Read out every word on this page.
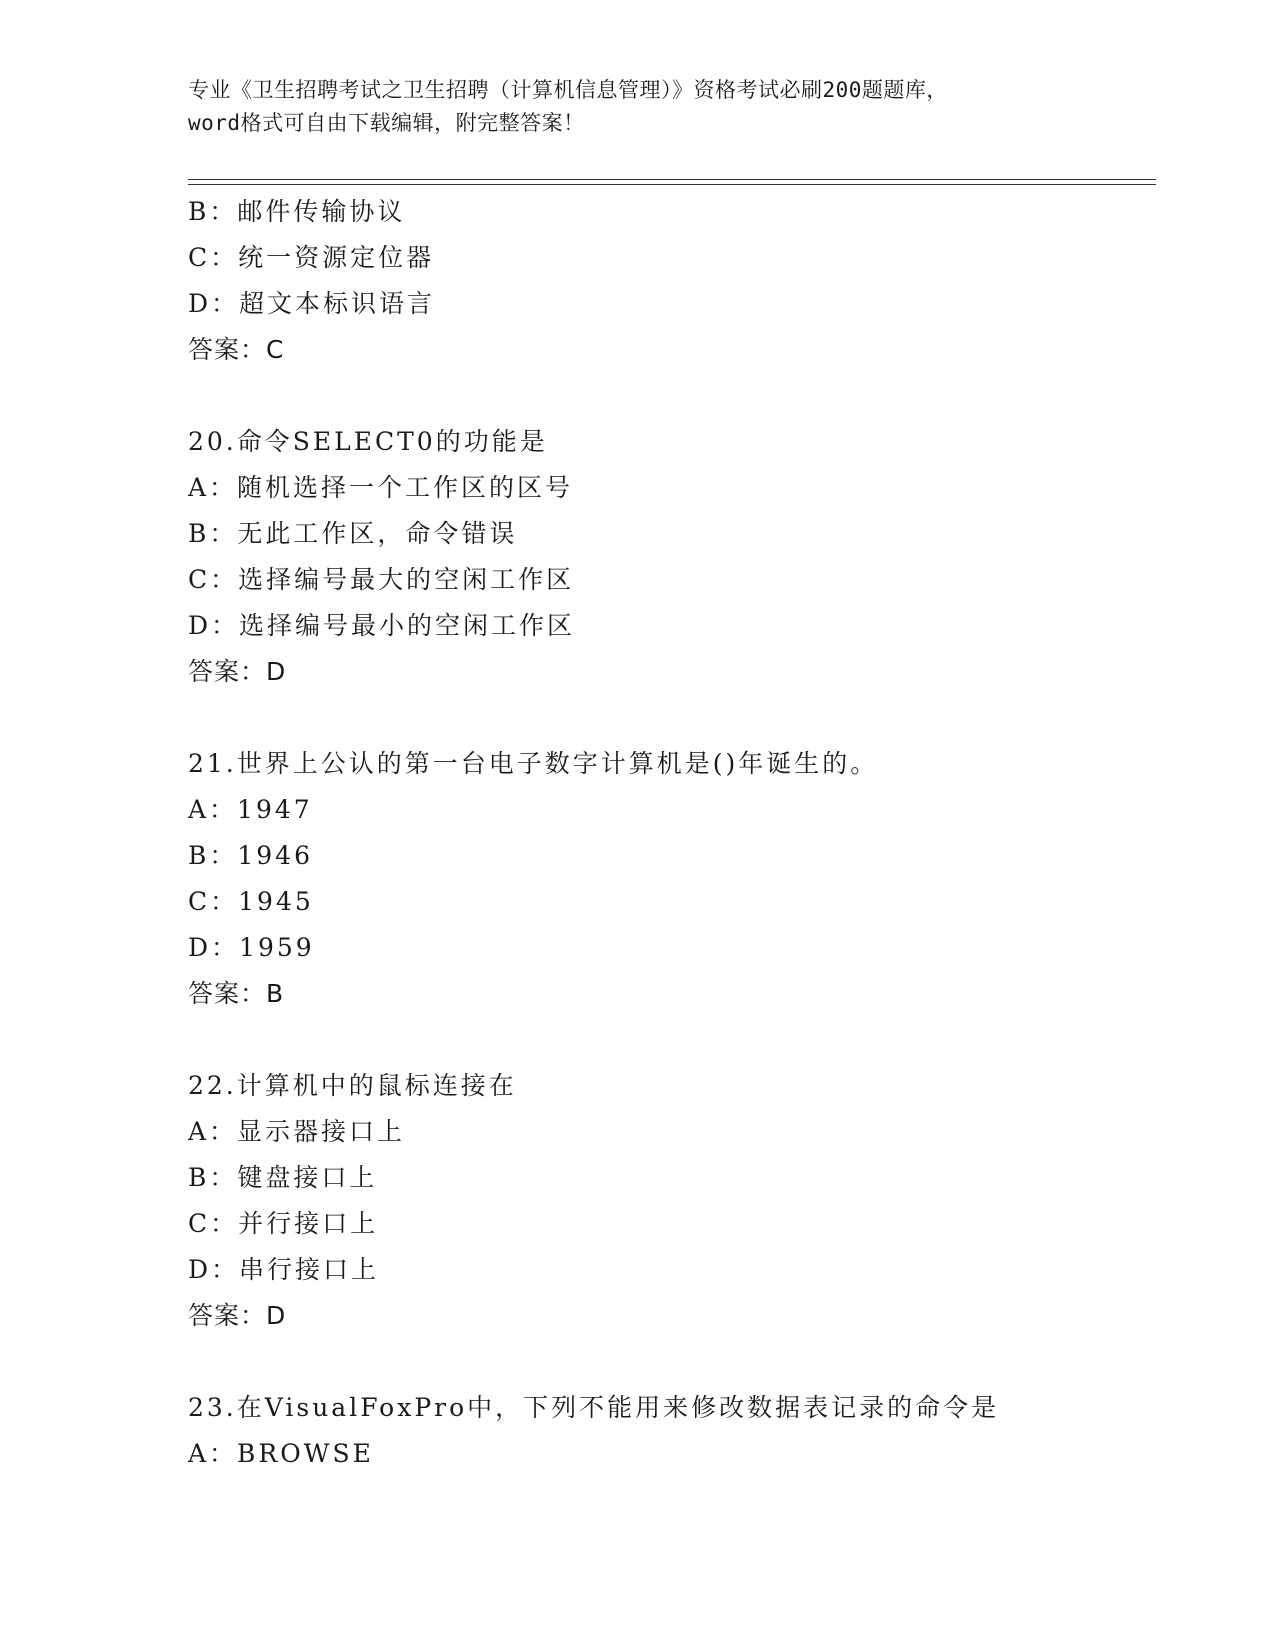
专业《卫生招聘考试之卫生招聘（计算机信息管理）》资格考试必刷200题题库，
word格式可自由下载编辑，附完整答案！
B：邮件传输协议
C：统一资源定位器
D：超文本标识语言
答案：C
20.命令SELECT0的功能是
A：随机选择一个工作区的区号
B：无此工作区，命令错误
C：选择编号最大的空闲工作区
D：选择编号最小的空闲工作区
答案：D
21.世界上公认的第一台电子数字计算机是()年诞生的。
A：1947
B：1946
C：1945
D：1959
答案：B
22.计算机中的鼠标连接在
A：显示器接口上
B：键盘接口上
C：并行接口上
D：串行接口上
答案：D
23.在VisualFoxPro中，下列不能用来修改数据表记录的命令是
A：BROWSE
